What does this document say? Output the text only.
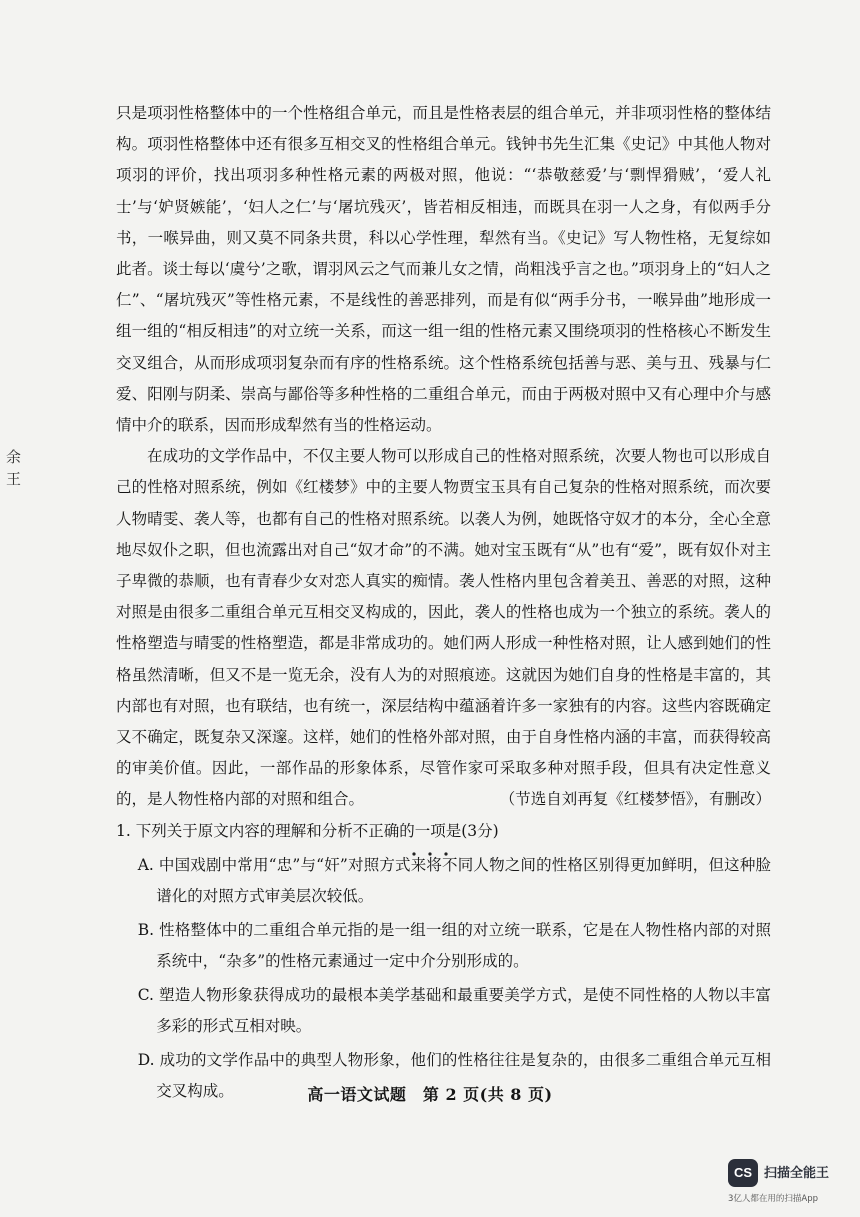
余王

只是项羽性格整体中的一个性格组合单元，而且是性格表层的组合单元，并非项羽性格的整体结构。项羽性格整体中还有很多互相交叉的性格组合单元。钱钟书先生汇集《史记》中其他人物对项羽的评价，找出项羽多种性格元素的两极对照，他说：“‘恭敬慈爱’与‘剽悍猾贼’，‘爱人礼士’与‘妒贤嫉能’，‘妇人之仁’与‘屠坑残灭’，皆若相反相违，而既具在羽一人之身，有似两手分书，一喉异曲，则又莫不同条共贯，科以心学性理，犁然有当。《史记》写人物性格，无复综如此者。谈士每以‘虞兮’之歌，谓羽风云之气而兼儿女之情，尚粗浅乎言之也。”项羽身上的“妇人之仁”、“屠坑残灭”等性格元素，不是线性的善恶排列，而是有似“两手分书，一喉异曲”地形成一组一组的“相反相违”的对立统一关系，而这一组一组的性格元素又围绕项羽的性格核心不断发生交叉组合，从而形成项羽复杂而有序的性格系统。这个性格系统包括善与恶、美与丑、残暴与仁爱、阳刚与阴柔、崇高与鄙俗等多种性格的二重组合单元，而由于两极对照中又有心理中介与感情中介的联系，因而形成犁然有当的性格运动。

在成功的文学作品中，不仅主要人物可以形成自己的性格对照系统，次要人物也可以形成自己的性格对照系统，例如《红楼梦》中的主要人物贾宝玉具有自己复杂的性格对照系统，而次要人物晴雯、袭人等，也都有自己的性格对照系统。以袭人为例，她既恪守奴才的本分，全心全意地尽奴仆之职，但也流露出对自己“奴才命”的不满。她对宝玉既有“从”也有“爱”，既有奴仆对主子卑微的恭顺，也有青春少女对恋人真实的痴情。袭人性格内里包含着美丑、善恶的对照，这种对照是由很多二重组合单元互相交叉构成的，因此，袭人的性格也成为一个独立的系统。袭人的性格塑造与晴雯的性格塑造，都是非常成功的。她们两人形成一种性格对照，让人感到她们的性格虽然清晰，但又不是一览无余，没有人为的对照痕迹。这就因为她们自身的性格是丰富的，其内部也有对照，也有联结，也有统一，深层结构中蕴涵着许多一家独有的内容。这些内容既确定又不确定，既复杂又深邃。这样，她们的性格外部对照，由于自身性格内涵的丰富，而获得较高的审美价值。因此，一部作品的形象体系，尽管作家可采取多种对照手段，但具有决定性意义的，是人物性格内部的对照和组合。	（节选自刘再复《红楼梦悟》，有删改）

1. 下列关于原文内容的理解和分析不正确的一项是(3分)
A. 中国戏剧中常用“忠”与“奸”对照方式来将不同人物之间的性格区别得更加鲜明，但这种脸谱化的对照方式审美层次较低。
B. 性格整体中的二重组合单元指的是一组一组的对立统一联系，它是在人物性格内部的对照系统中，“杂多”的性格元素通过一定中介分别形成的。
C. 塑造人物形象获得成功的最根本美学基础和最重要美学方式，是使不同性格的人物以丰富多彩的形式互相对映。
D. 成功的文学作品中的典型人物形象，他们的性格往往是复杂的，由很多二重组合单元互相交叉构成。	高一语文试题　第 2 页(共 8 页)
CS 扫描全能王
3亿人都在用的扫描App
